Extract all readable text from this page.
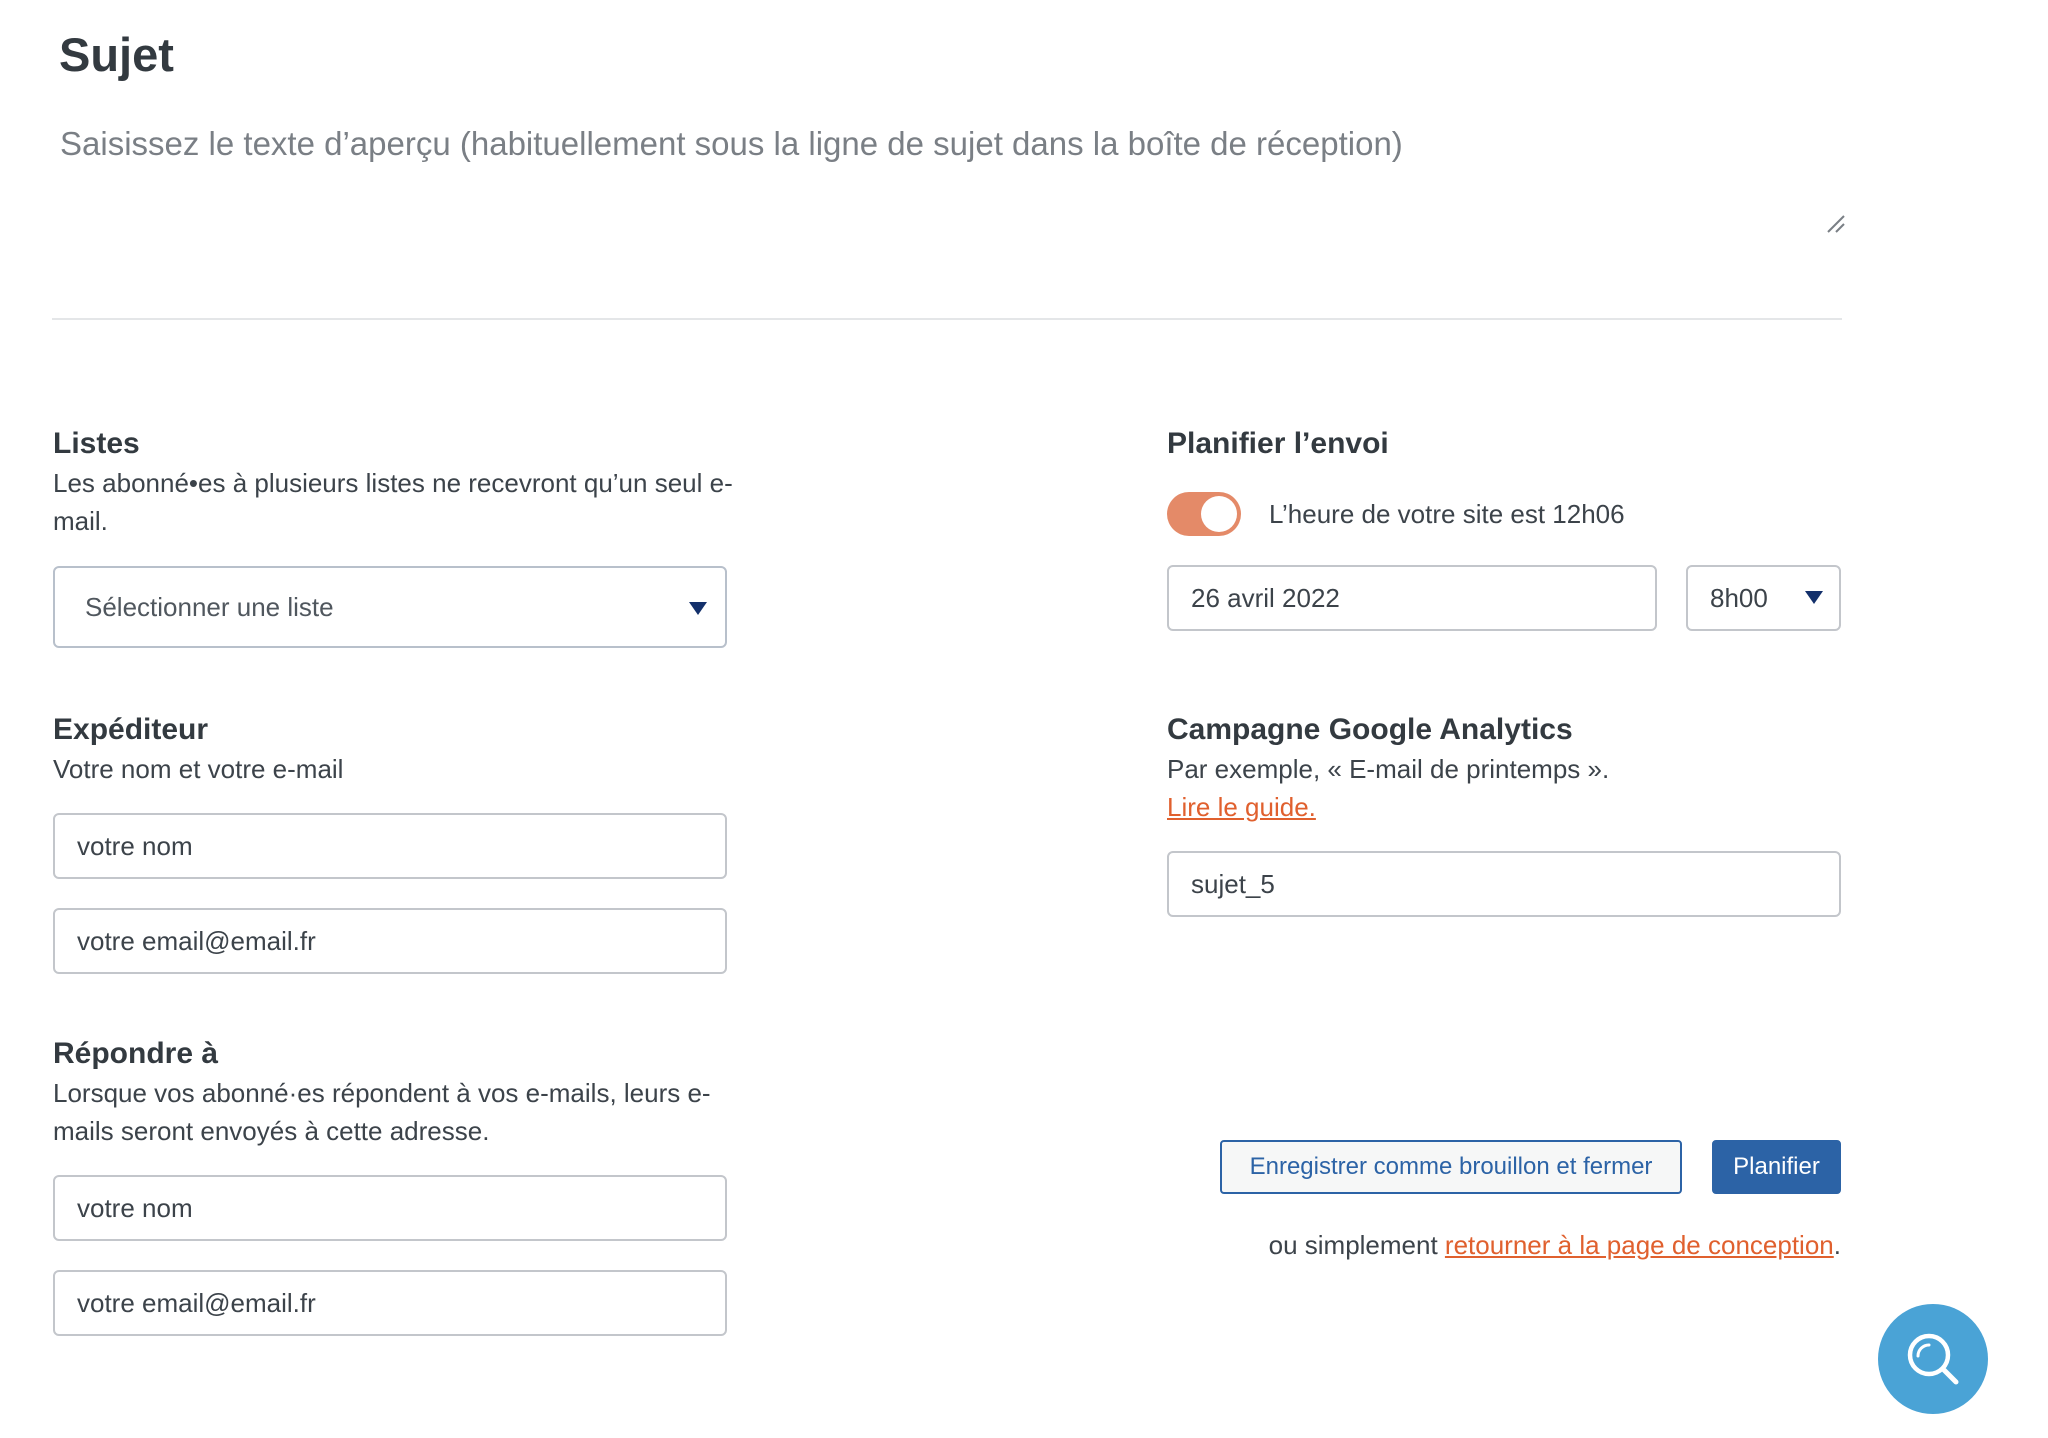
Sujet
Saisissez le texte d’aperçu (habituellement sous la ligne de sujet dans la boîte de réception)
Listes

Les abonné•es à plusieurs listes ne recevront qu’un seul e-mail.

Sélectionner une liste
Expéditeur

Votre nom et votre e-mail

votre nom
votre email@email.fr
Répondre à

Lorsque vos abonné·es répondent à vos e-mails, leurs e-mails seront envoyés à cette adresse.

votre nom
votre email@email.fr
Planifier l’envoi
L’heure de votre site est 12h06
26 avril 2022
8h00
Campagne Google Analytics

Par exemple, « E-mail de printemps ».

Lire le guide.

sujet_5
Enregistrer comme brouillon et fermer	Planifier
ou simplement retourner à la page de conception.
